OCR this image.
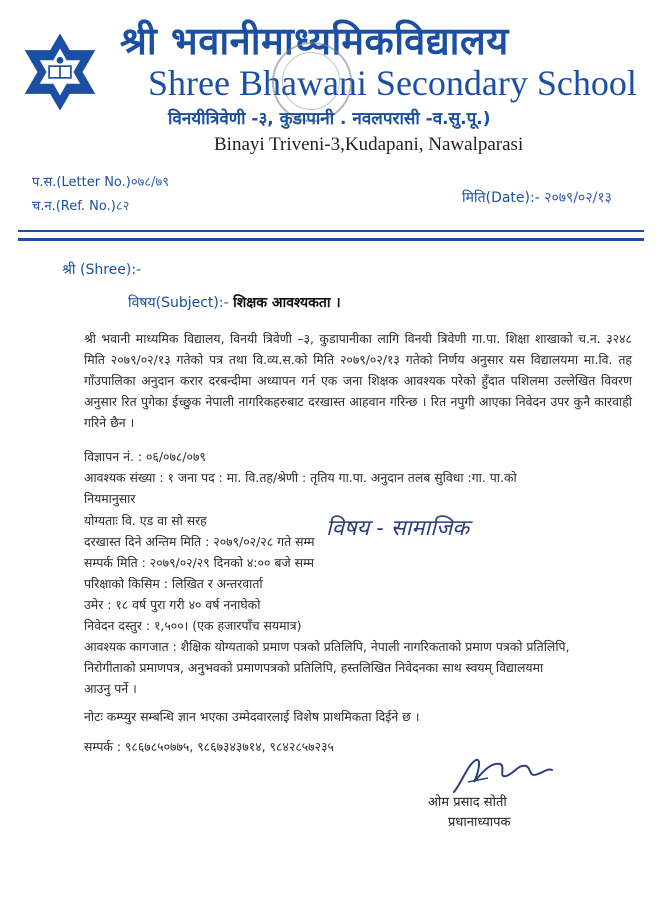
श्री भवानीमाध्यमिकविद्यालय
Shree Bhawani Secondary School
विनयीत्रिवेणी -३, कुडापानी . नवलपरासी -व.सु.पू.)
Binayi Triveni-3,Kudapani, Nawalparasi
प.स.(Letter No.)०७८/७९
च.न.(Ref. No.)८२
मिति(Date):- २०७९/०२/१३
श्री (Shree):-
विषय(Subject):- शिक्षक आवश्यकता ।
श्री भवानी माध्यमिक विद्यालय, विनयी त्रिवेणी –३, कुडापानीका लागि विनयी त्रिवेणी गा.पा. शिक्षा शाखाको च.न. ३२४८ मिति २०७९/०२/१३ गतेको पत्र तथा वि.व्य.स.को मिति २०७९/०२/१३ गतेको निर्णय अनुसार यस विद्यालयमा मा.वि. तह गाँउपालिका अनुदान करार दरबन्दीमा अध्यापन गर्न एक जना शिक्षक आवश्यक परेको हुँदात पशिलमा उल्लेखित विवरण अनुसार रित पुगेका ईच्छुक नेपाली नागरिकहरुबाट दरखास्त आहवान गरिन्छ । रित नपुगी आएका निवेदन उपर कुनै कारवाही गरिने छैन ।
विज्ञापन नं. : ०६/०७८/०७९
आवश्यक संख्या : १ जना पद : मा. वि.तह/श्रेणी : तृतिय गा.पा. अनुदान तलब सुविधा :गा. पा.को
नियमानुसार
योग्यताः वि. एड वा सो सरह	विषय - सामाजिक
दरखास्त दिने अन्तिम मिति : २०७९/०२/२८ गते सम्म
सम्पर्क मिति : २०७९/०२/२९ दिनको ४:०० बजे सम्म
परिक्षाको किसिम : लिखित र अन्तरवार्ता
उमेर : १८ वर्ष पुरा गरी ४० वर्ष ननाघेको
निवेदन दस्तुर : १,५००। (एक हजारपाँच सयमात्र)
आवश्यक कागजात : शैक्षिक योग्यताको प्रमाण पत्रको प्रतिलिपि, नेपाली नागरिकताको प्रमाण पत्रको प्रतिलिपि,
निरोगीताको प्रमाणपत्र, अनुभवको प्रमाणपत्रको प्रतिलिपि, हस्तलिखित निवेदनका साथ स्वयम् विद्यालयमा
आउनु पर्ने ।
नोटः कम्प्युर सम्बन्धि ज्ञान भएका उम्मेदवारलाई विशेष प्राथमिकता दिईने छ ।
सम्पर्क : ९८६७८५०७७५, ९८६७३४३७१४, ९८४२८५७२३५
ओम प्रसाद सोती
प्रधानाध्यापक
